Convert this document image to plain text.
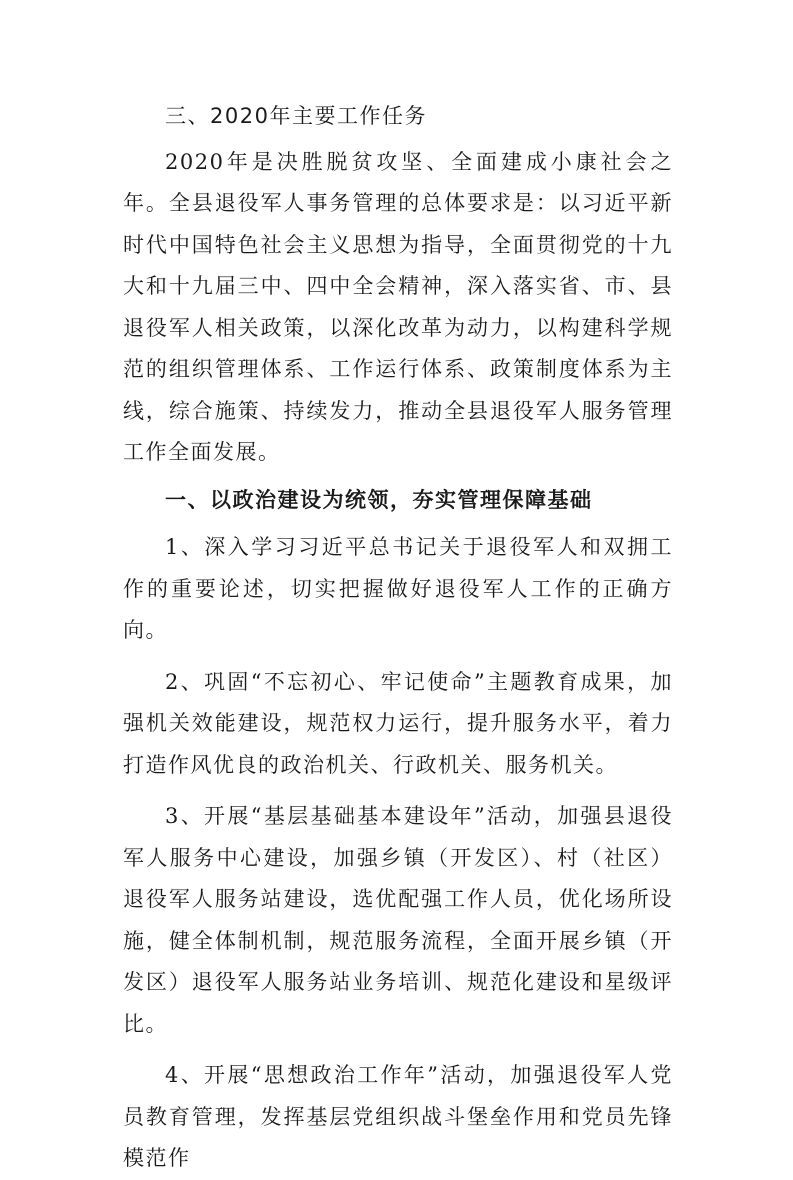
三、2020年主要工作任务

2020年是决胜脱贫攻坚、全面建成小康社会之年。全县退役军人事务管理的总体要求是：以习近平新时代中国特色社会主义思想为指导，全面贯彻党的十九大和十九届三中、四中全会精神，深入落实省、市、县退役军人相关政策，以深化改革为动力，以构建科学规范的组织管理体系、工作运行体系、政策制度体系为主线，综合施策、持续发力，推动全县退役军人服务管理工作全面发展。

一、以政治建设为统领，夯实管理保障基础

1、深入学习习近平总书记关于退役军人和双拥工作的重要论述，切实把握做好退役军人工作的正确方向。

2、巩固“不忘初心、牢记使命”主题教育成果，加强机关效能建设，规范权力运行，提升服务水平，着力打造作风优良的政治机关、行政机关、服务机关。

3、开展“基层基础基本建设年”活动，加强县退役军人服务中心建设，加强乡镇（开发区）、村（社区）退役军人服务站建设，选优配强工作人员，优化场所设施，健全体制机制，规范服务流程，全面开展乡镇（开发区）退役军人服务站业务培训、规范化建设和星级评比。

4、开展“思想政治工作年”活动，加强退役军人党员教育管理，发挥基层党组织战斗堡垒作用和党员先锋模范作
